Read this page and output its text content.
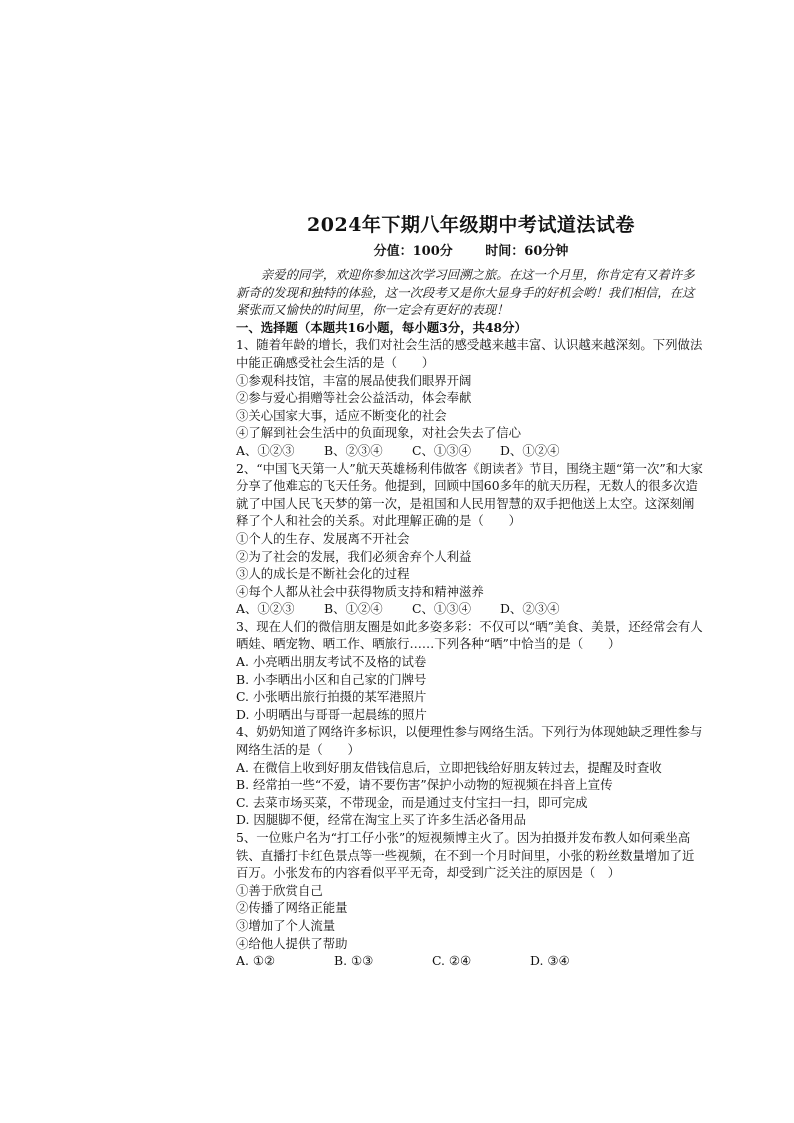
2024年下期八年级期中考试道法试卷
分值：100分	时间：60分钟

亲爱的同学，欢迎你参加这次学习回溯之旅。在这一个月里，你肯定有又着许多新奇的发现和独特的体验，这一次段考又是你大显身手的好机会哟！我们相信，在这紧张而又愉快的时间里，你一定会有更好的表现！

一、选择题（本题共16小题，每小题3分，共48分）

1、随着年龄的增长，我们对社会生活的感受越来越丰富、认识越来越深刻。下列做法中能正确感受社会生活的是（　　）

①参观科技馆，丰富的展品使我们眼界开阔

②参与爱心捐赠等社会公益活动，体会奉献

③关心国家大事，适应不断变化的社会

④了解到社会生活中的负面现象，对社会失去了信心

A、①②③	B、②③④	C、①③④	D、①②④

2、“中国飞天第一人”航天英雄杨利伟做客《朗读者》节目，围绕主题“第一次”和大家分享了他难忘的飞天任务。他提到，回顾中国60多年的航天历程，无数人的很多次造就了中国人民飞天梦的第一次，是祖国和人民用智慧的双手把他送上太空。这深刻阐释了个人和社会的关系。对此理解正确的是（　　）

①个人的生存、发展离不开社会

②为了社会的发展，我们必须舍弃个人利益

③人的成长是不断社会化的过程

④每个人都从社会中获得物质支持和精神滋养

A、①②③	B、①②④	C、①③④	D、②③④

3、现在人们的微信朋友圈是如此多姿多彩：不仅可以“晒”美食、美景，还经常会有人晒娃、晒宠物、晒工作、晒旅行……下列各种“晒”中恰当的是（　　）

A. 小亮晒出朋友考试不及格的试卷

B. 小李晒出小区和自己家的门牌号

C. 小张晒出旅行拍摄的某军港照片

D. 小明晒出与哥哥一起晨练的照片

4、奶奶知道了网络许多标识，以便理性参与网络生活。下列行为体现她缺乏理性参与网络生活的是（　　）

A. 在微信上收到好朋友借钱信息后，立即把钱给好朋友转过去，提醒及时查收

B. 经常拍一些“不爱，请不要伤害”保护小动物的短视频在抖音上宣传

C. 去菜市场买菜，不带现金，而是通过支付宝扫一扫，即可完成

D. 因腿脚不便，经常在淘宝上买了许多生活必备用品

5、一位账户名为“打工仔小张”的短视频博主火了。因为拍摄并发布教人如何乘坐高铁、直播打卡红色景点等一些视频，在不到一个月时间里，小张的粉丝数量增加了近百万。小张发布的内容看似平平无奇，却受到广泛关注的原因是（　）

①善于欣赏自己

②传播了网络正能量

③增加了个人流量

④给他人提供了帮助

A. ①②	B. ①③	C. ②④	D. ③④
